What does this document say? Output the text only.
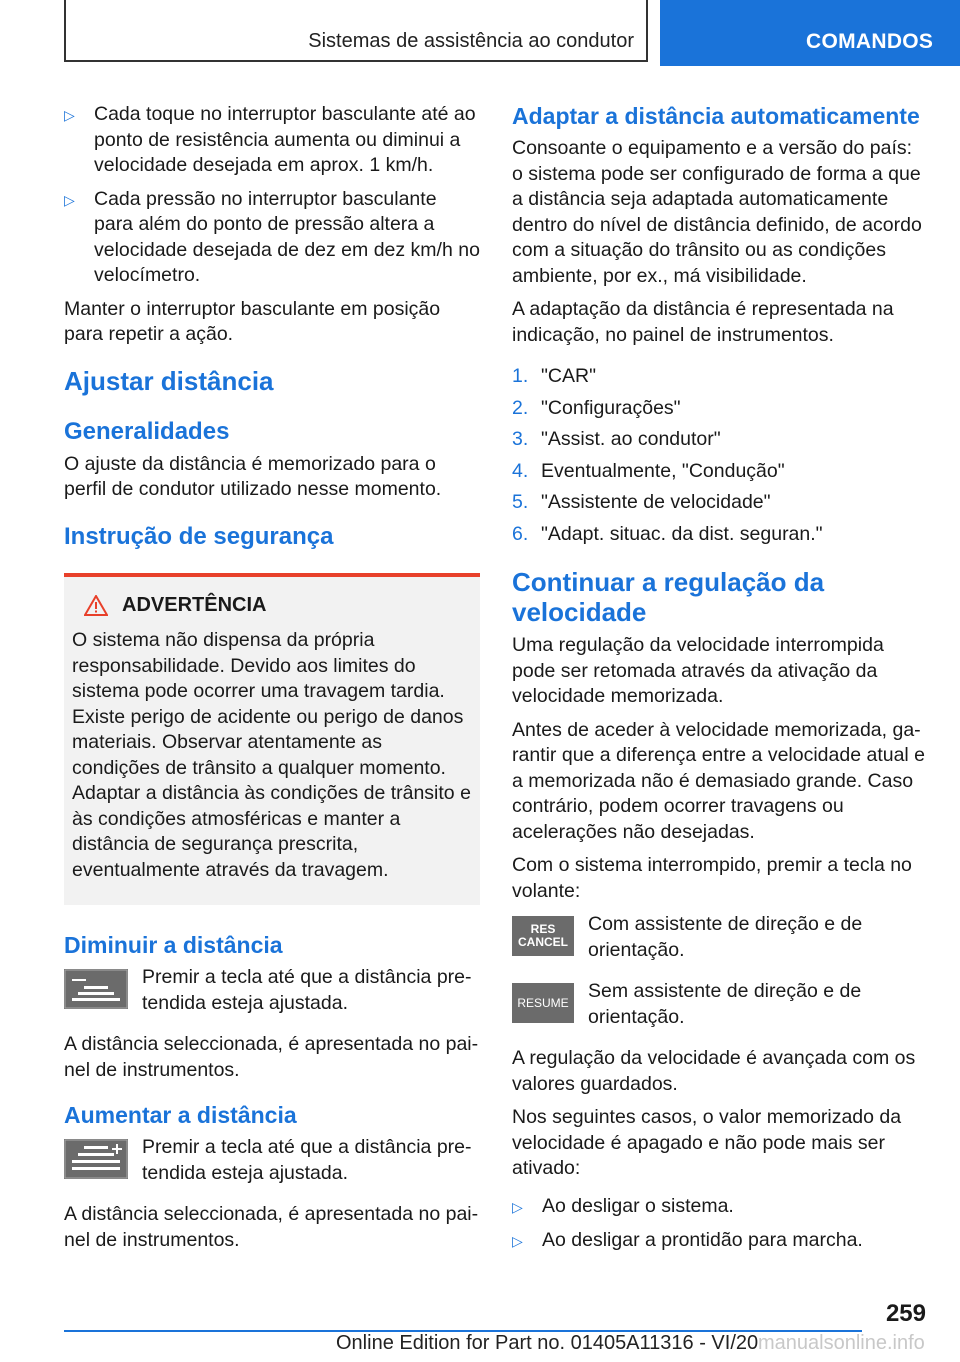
Sistemas de assistência ao condutor	COMANDOS
▷ Cada toque no interruptor basculante até ao ponto de resistência aumenta ou diminui a velocidade desejada em aprox. 1 km/h.
▷ Cada pressão no interruptor basculante para além do ponto de pressão altera a velocidade desejada de dez em dez km/h no velocímetro.

Manter o interruptor basculante em posição para repetir a ação.

Ajustar distância
Generalidades

O ajuste da distância é memorizado para o perfil de condutor utilizado nesse momento.

Instrução de segurança
ADVERTÊNCIA

O sistema não dispensa da própria responsabilidade. Devido aos limites do sistema pode ocorrer uma travagem tardia. Existe perigo de acidente ou perigo de danos materiais. Observar atentamente as condições de trânsito a qualquer momento. Adaptar a distância às condições de trânsito e às condições atmosféricas e manter a distância de segurança prescrita, eventualmente através da travagem.

Diminuir a distância
Premir a tecla até que a distância pretendida esteja ajustada.

A distância seleccionada, é apresentada no painel de instrumentos.

Aumentar a distância
Premir a tecla até que a distância pretendida esteja ajustada.

A distância seleccionada, é apresentada no painel de instrumentos.

Adaptar a distância automaticamente

Consoante o equipamento e a versão do país: o sistema pode ser configurado de forma a que a distância seja adaptada automaticamente dentro do nível de distância definido, de acordo com a situação do trânsito ou as condições ambiente, por ex., má visibilidade.

A adaptação da distância é representada na indicação, no painel de instrumentos.

1. "CAR"
2. "Configurações"
3. "Assist. ao condutor"
4. Eventualmente, "Condução"
5. "Assistente de velocidade"
6. "Adapt. situac. da dist. seguran."
Continuar a regulação da velocidade

Uma regulação da velocidade interrompida pode ser retomada através da ativação da velocidade memorizada.

Antes de aceder à velocidade memorizada, garantir que a diferença entre a velocidade atual e a memorizada não é demasiado grande. Caso contrário, podem ocorrer travagens ou acelerações não desejadas.

Com o sistema interrompido, premir a tecla no volante:

RES
CANCEL
Com assistente de direção e de orientação.
RESUME
Sem assistente de direção e de orientação.

A regulação da velocidade é avançada com os valores guardados.

Nos seguintes casos, o valor memorizado da velocidade é apagado e não pode mais ser ativado:

▷ Ao desligar o sistema.
▷ Ao desligar a prontidão para marcha.
259
Online Edition for Part no. 01405A11316 - VI/20 manualsonline.info
